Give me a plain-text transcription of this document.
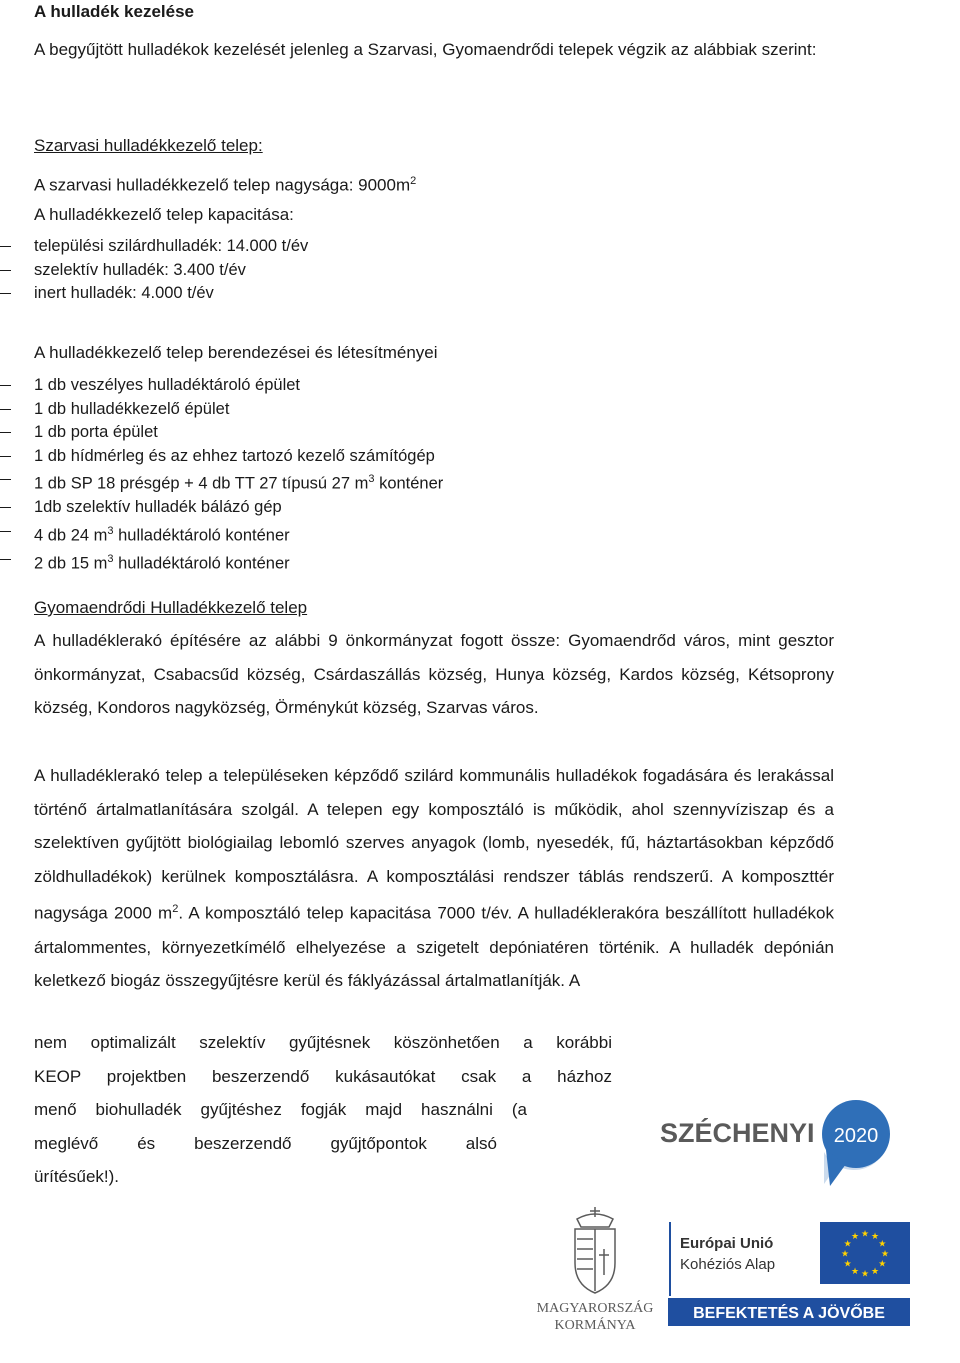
A hulladék kezelése

A begyűjtött hulladékok kezelését jelenleg a Szarvasi, Gyomaendrődi telepek végzik az alábbiak szerint:

Szarvasi hulladékkezelő telep:

A szarvasi hulladékkezelő telep nagysága: $9000m^2$

A hulladékkezelő telep kapacitása:

települési szilárdhulladék: 14.000 t/év
szelektív hulladék: 3.400 t/év
inert hulladék: 4.000 t/év

A hulladékkezelő telep berendezései és létesítményei

1 db veszélyes hulladéktároló épület
1 db hulladékkezelő épület
1 db porta épület
1 db hídmérleg és az ehhez tartozó kezelő számítógép
1 db SP 18 présgép + 4 db TT 27 típusú 27 $m^3$ konténer
1db szelektív hulladék bálázó gép
4 db 24 $m^3$ hulladéktároló konténer
2 db 15 $m^3$ hulladéktároló konténer

Gyomaendrődi Hulladékkezelő telep

A hulladéklerakó építésére az alábbi 9 önkormányzat fogott össze: Gyomaendrőd város, mint gesztor önkormányzat, Csabacsűd község, Csárdaszállás község, Hunya község, Kardos község, Kétsoprony község, Kondoros nagyközség, Örménykút község, Szarvas város.

A hulladéklerakó telep a településeken képződő szilárd kommunális hulladékok fogadására és lerakással történő ártalmatlanítására szolgál. A telepen egy komposztáló is működik, ahol szennyvíziszap és a szelektíven gyűjtött biológiailag lebomló szerves anyagok (lomb, nyesedék, fű, háztartásokban képződő zöldhulladékok) kerülnek komposztálásra. A komposztálási rendszer táblás rendszerű. A komposzttér nagysága 2000 $m^2$. A komposztáló telep kapacitása 7000 t/év. A hulladéklerakóra beszállított hulladékok ártalommentes, környezetkímélő elhelyezése a szigetelt depóniatéren történik. A hulladék depónián keletkező biogáz összegyűjtésre kerül és fáklyázással ártalmatlanítják. A

nem optimalizált szelektív gyűjtésnek köszönhetően a korábbi

KEOP projektben beszerzendő kukásautókat csak a házhoz

menő biohulladék gyűjtéshez fogják majd használni (a

meglévő és beszerzendő gyűjtőpontok alsó

ürítésűek!).

SZÉCHENYI 2020
MAGYARORSZÁG
KORMÁNYA
Európai Unió
Kohéziós Alap
★ ★
★
★
★
★
★
★
★
★
★
★
BEFEKTETÉS A JÖVŐBE
